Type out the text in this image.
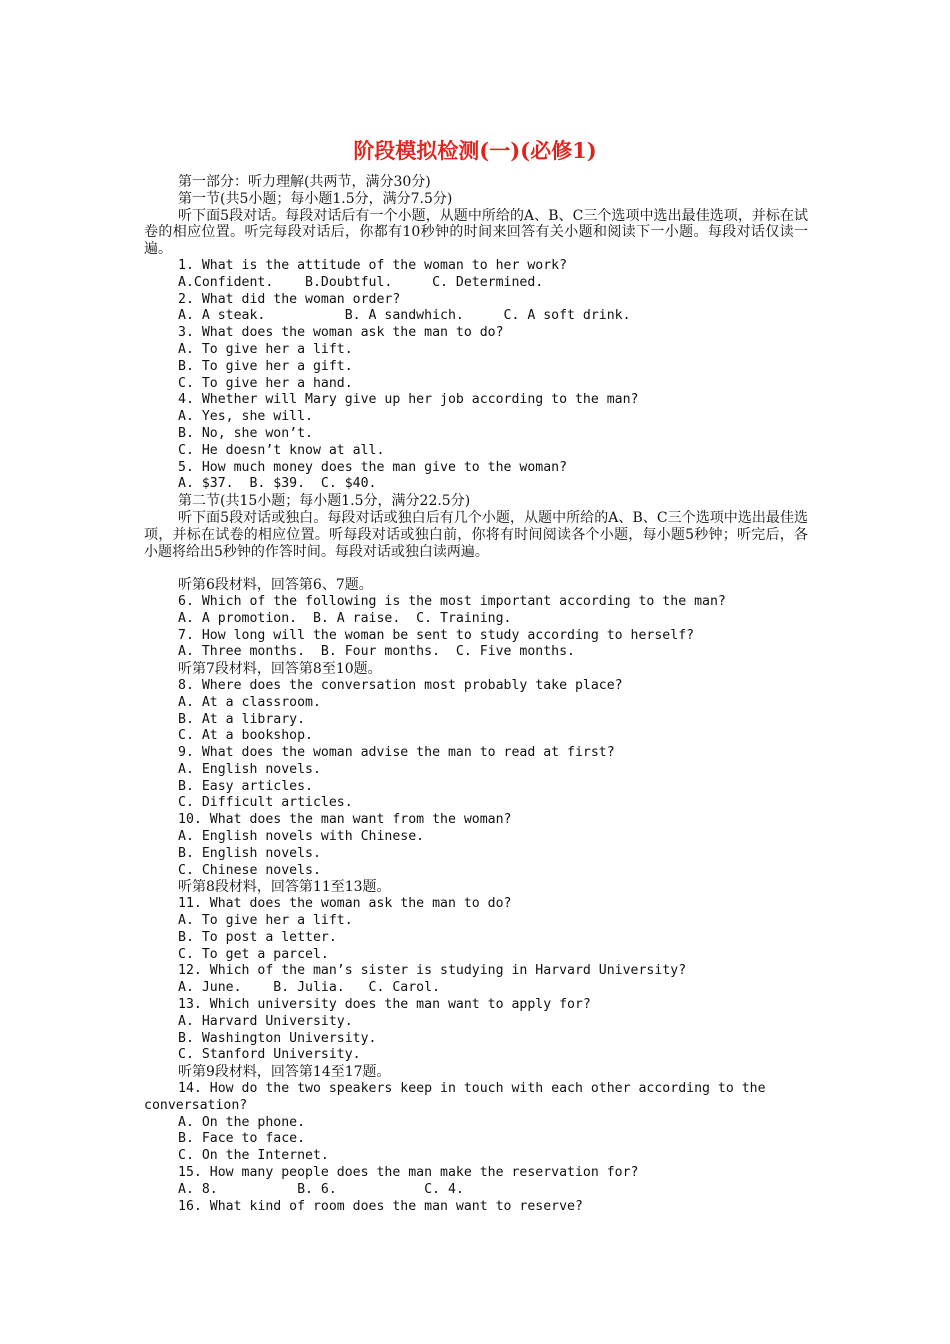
阶段模拟检测(一)(必修1)
第一部分：听力理解(共两节，满分30分)
第一节(共5小题；每小题1.5分，满分7.5分)
听下面5段对话。每段对话后有一个小题，从题中所给的A、B、C三个选项中选出最佳选项，并标在试卷的相应位置。听完每段对话后，你都有10秒钟的时间来回答有关小题和阅读下一小题。每段对话仅读一遍。
1. What is the attitude of the woman to her work?
A.Confident.    B.Doubtful.     C. Determined.
2. What did the woman order?
A. A steak.          B. A sandwhich.     C. A soft drink.
3. What does the woman ask the man to do?
A. To give her a lift.
B. To give her a gift.
C. To give her a hand.
4. Whether will Mary give up her job according to the man?
A. Yes, she will.
B. No, she won’t.
C. He doesn’t know at all.
5. How much money does the man give to the woman?
A. $37.  B. $39.  C. $40.
第二节(共15小题；每小题1.5分，满分22.5分)
听下面5段对话或独白。每段对话或独白后有几个小题，从题中所给的A、B、C三个选项中选出最佳选项，并标在试卷的相应位置。听每段对话或独白前，你将有时间阅读各个小题，每小题5秒钟；听完后，各小题将给出5秒钟的作答时间。每段对话或独白读两遍。
听第6段材料，回答第6、7题。
6. Which of the following is the most important according to the man?
A. A promotion.  B. A raise.  C. Training.
7. How long will the woman be sent to study according to herself?
A. Three months.  B. Four months.  C. Five months.
听第7段材料，回答第8至10题。
8. Where does the conversation most probably take place?
A. At a classroom.
B. At a library.
C. At a bookshop.
9. What does the woman advise the man to read at first?
A. English novels.
B. Easy articles.
C. Difficult articles.
10. What does the man want from the woman?
A. English novels with Chinese.
B. English novels.
C. Chinese novels.
听第8段材料，回答第11至13题。
11. What does the woman ask the man to do?
A. To give her a lift.
B. To post a letter.
C. To get a parcel.
12. Which of the man’s sister is studying in Harvard University?
A. June.    B. Julia.   C. Carol.
13. Which university does the man want to apply for?
A. Harvard University.
B. Washington University.
C. Stanford University.
听第9段材料，回答第14至17题。
14. How do the two speakers keep in touch with each other according to the
conversation?
A. On the phone.
B. Face to face.
C. On the Internet.
15. How many people does the man make the reservation for?
A. 8.          B. 6.           C. 4.
16. What kind of room does the man want to reserve?
